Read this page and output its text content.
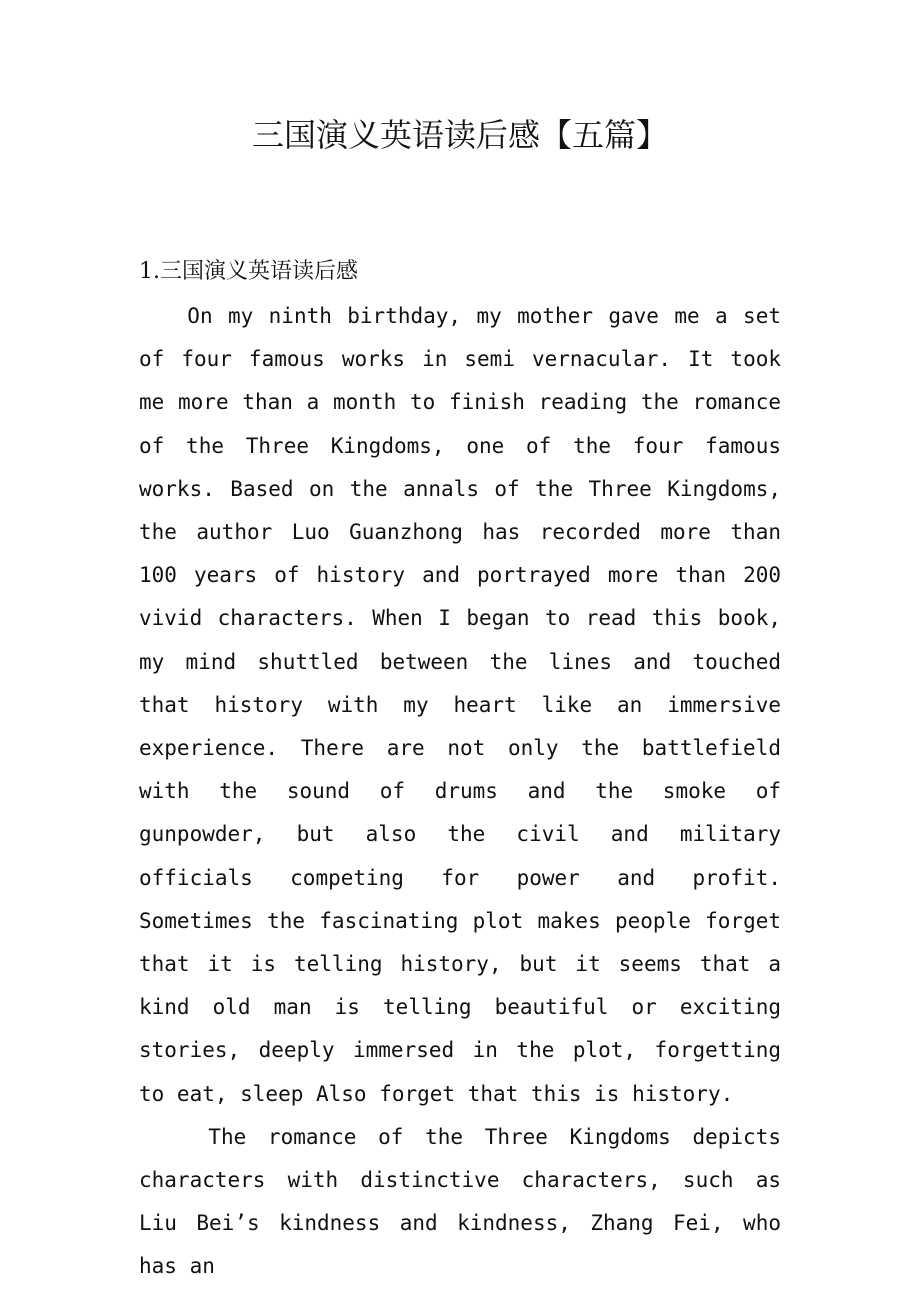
三国演义英语读后感【五篇】
1.三国演义英语读后感

On my ninth birthday, my mother gave me a set of four famous works in semi vernacular. It took me more than a month to finish reading the romance of the Three Kingdoms, one of the four famous works. Based on the annals of the Three Kingdoms, the author Luo Guanzhong has recorded more than 100 years of history and portrayed more than 200 vivid characters. When I began to read this book, my mind shuttled between the lines and touched that history with my heart like an immersive experience. There are not only the battlefield with the sound of drums and the smoke of gunpowder, but also the civil and military officials competing for power and profit. Sometimes the fascinating plot makes people forget that it is telling history, but it seems that a kind old man is telling beautiful or exciting stories, deeply immersed in the plot, forgetting to eat, sleep Also forget that this is history.

The romance of the Three Kingdoms depicts characters with distinctive characters, such as Liu Bei’s kindness and kindness, Zhang Fei, who has an
